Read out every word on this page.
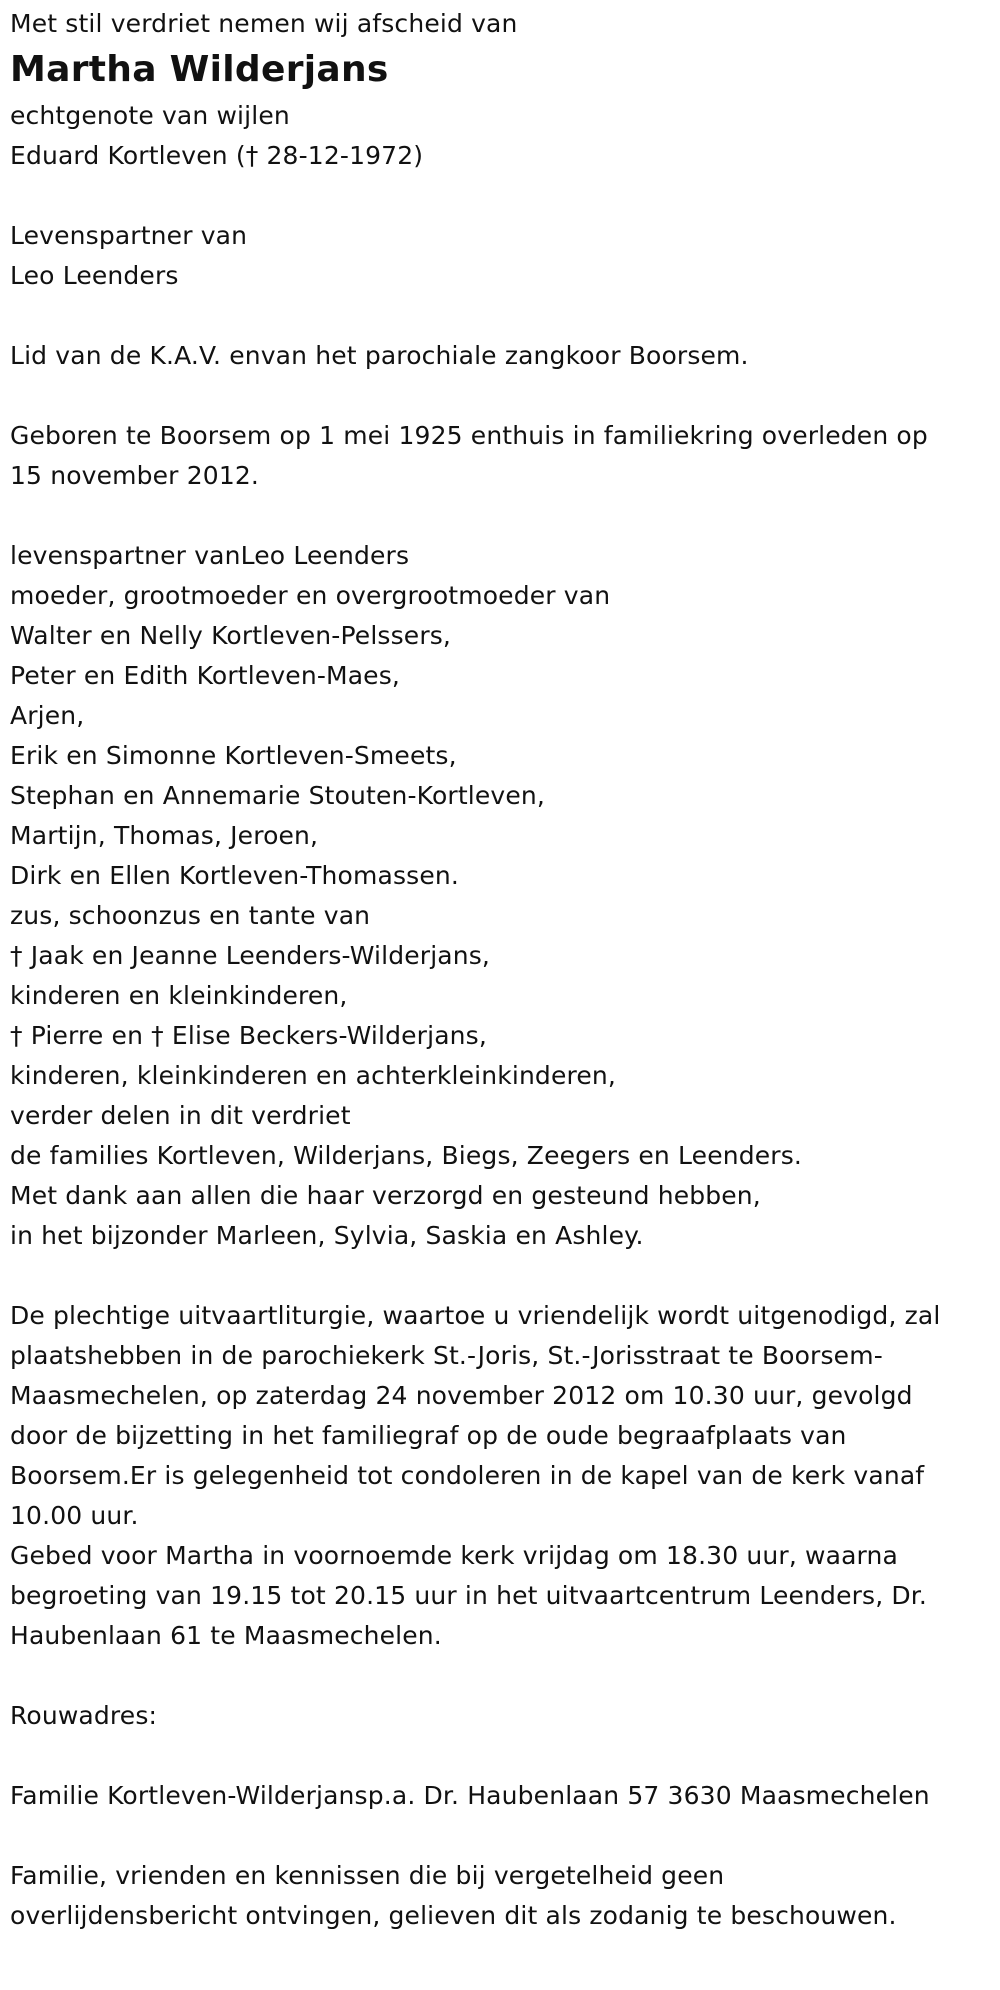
Met stil verdriet nemen wij afscheid van
Martha Wilderjans
echtgenote van wijlen
Eduard Kortleven († 28-12-1972)
Levenspartner van
Leo Leenders
Lid van de K.A.V. envan het parochiale zangkoor Boorsem.
Geboren te Boorsem op 1 mei 1925 enthuis in familiekring overleden op
15 november 2012.
levenspartner vanLeo Leenders
moeder, grootmoeder en overgrootmoeder van
Walter en Nelly Kortleven-Pelssers,
Peter en Edith Kortleven-Maes,
Arjen,
Erik en Simonne Kortleven-Smeets,
Stephan en Annemarie Stouten-Kortleven,
Martijn, Thomas, Jeroen,
Dirk en Ellen Kortleven-Thomassen.
zus, schoonzus en tante van
† Jaak en Jeanne Leenders-Wilderjans,
kinderen en kleinkinderen,
† Pierre en † Elise Beckers-Wilderjans,
kinderen, kleinkinderen en achterkleinkinderen,
verder delen in dit verdriet
de families Kortleven, Wilderjans, Biegs, Zeegers en Leenders.
Met dank aan allen die haar verzorgd en gesteund hebben,
in het bijzonder Marleen, Sylvia, Saskia en Ashley.
De plechtige uitvaartliturgie, waartoe u vriendelijk wordt uitgenodigd, zal
plaatshebben in de parochiekerk St.-Joris, St.-Jorisstraat te Boorsem-
Maasmechelen, op zaterdag 24 november 2012 om 10.30 uur, gevolgd
door de bijzetting in het familiegraf op de oude begraafplaats van
Boorsem.Er is gelegenheid tot condoleren in de kapel van de kerk vanaf
10.00 uur.
Gebed voor Martha in voornoemde kerk vrijdag om 18.30 uur, waarna
begroeting van 19.15 tot 20.15 uur in het uitvaartcentrum Leenders, Dr.
Haubenlaan 61 te Maasmechelen.
Rouwadres:
Familie Kortleven-Wilderjansp.a. Dr. Haubenlaan 57 3630 Maasmechelen
Familie, vrienden en kennissen die bij vergetelheid geen
overlijdensbericht ontvingen, gelieven dit als zodanig te beschouwen.
